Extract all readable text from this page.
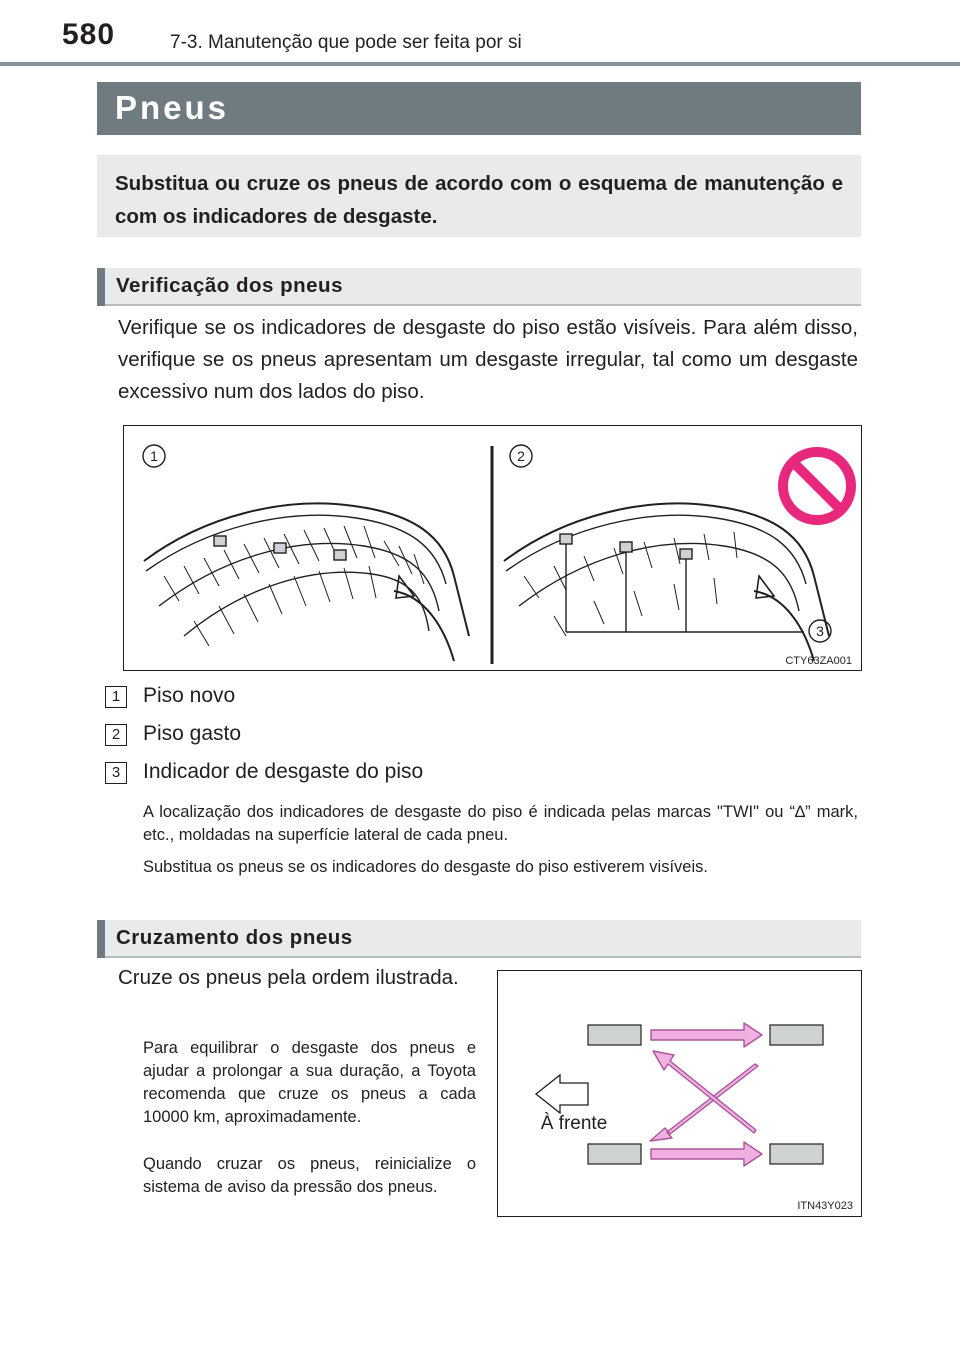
580	7-3. Manutenção que pode ser feita por si
Pneus

Substitua ou cruze os pneus de acordo com o esquema de manutenção e com os indicadores de desgaste.

Verificação dos pneus

Verifique se os indicadores de desgaste do piso estão visíveis. Para além disso, verifique se os pneus apresentam um desgaste irregular, tal como um desgaste excessivo num dos lados do piso.

1	2
3
CTY63ZA001
1	Piso novo
2	Piso gasto
3	Indicador de desgaste do piso

A localização dos indicadores de desgaste do piso é indicada pelas marcas "TWI" ou “∆” mark, etc., moldadas na superfície lateral de cada pneu.

Substitua os pneus se os indicadores do desgaste do piso estiverem visíveis.

Cruzamento dos pneus

Cruze os pneus pela ordem ilustrada.

Para equilibrar o desgaste dos pneus e ajudar a prolongar a sua duração, a Toyota recomenda que cruze os pneus a cada 10000 km, aproximadamente.

Quando cruzar os pneus, reinicialize o sistema de aviso da pressão dos pneus.

À frente
ITN43Y023
